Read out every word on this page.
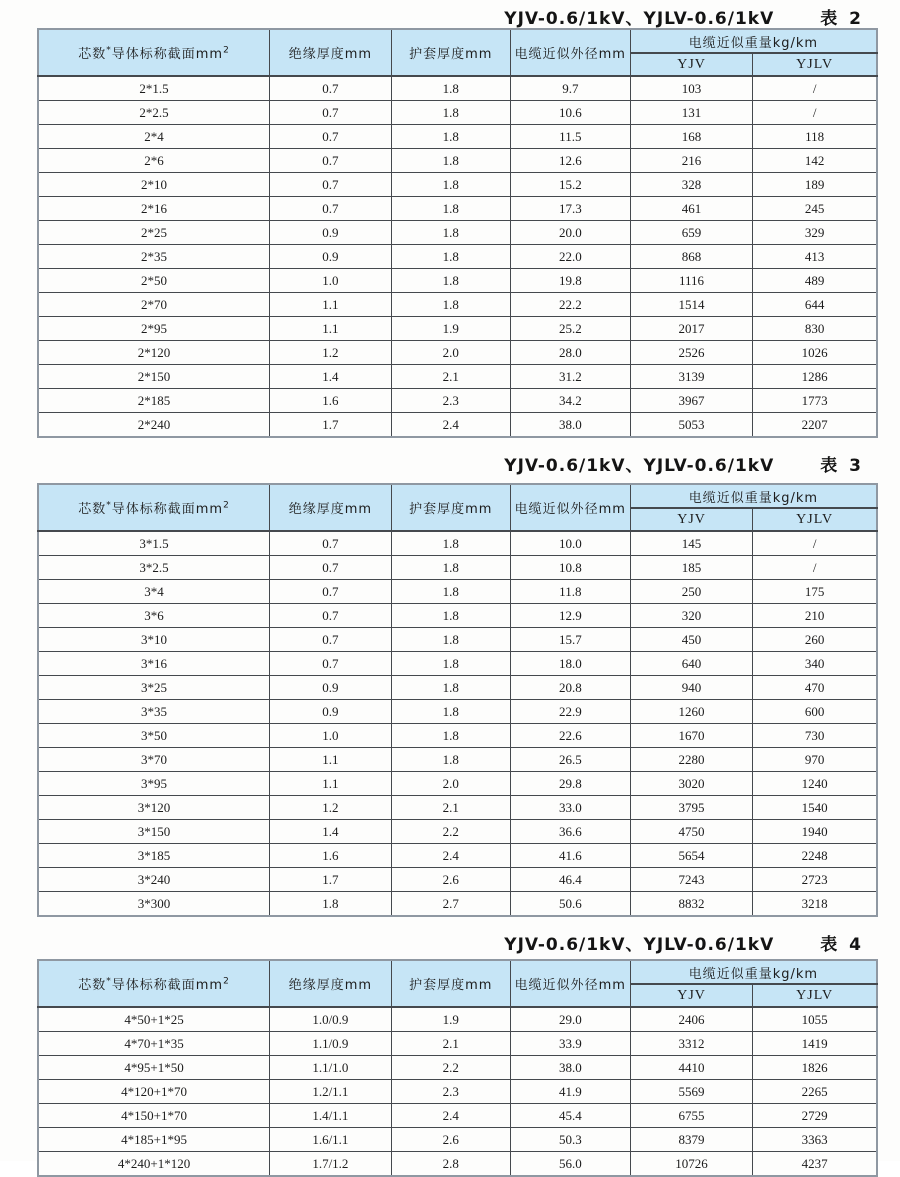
YJV-0.6/1kV、YJLV-0.6/1kV	表 2
芯数*导体标称截面$mm^2$	绝缘厚度mm	护套厚度mm	电缆近似外径mm	电缆近似重量kg/km	
				YJV	YJLV
2*1.5	0.7	1.8	9.7	103	/
2*2.5	0.7	1.8	10.6	131	/
2*4	0.7	1.8	11.5	168	118
2*6	0.7	1.8	12.6	216	142
2*10	0.7	1.8	15.2	328	189
2*16	0.7	1.8	17.3	461	245
2*25	0.9	1.8	20.0	659	329
2*35	0.9	1.8	22.0	868	413
2*50	1.0	1.8	19.8	1116	489
2*70	1.1	1.8	22.2	1514	644
2*95	1.1	1.9	25.2	2017	830
2*120	1.2	2.0	28.0	2526	1026
2*150	1.4	2.1	31.2	3139	1286
2*185	1.6	2.3	34.2	3967	1773
2*240	1.7	2.4	38.0	5053	2207
YJV-0.6/1kV、YJLV-0.6/1kV	表 3
芯数*导体标称截面$mm^2$	绝缘厚度mm	护套厚度mm	电缆近似外径mm	电缆近似重量kg/km	
				YJV	YJLV
3*1.5	0.7	1.8	10.0	145	/
3*2.5	0.7	1.8	10.8	185	/
3*4	0.7	1.8	11.8	250	175
3*6	0.7	1.8	12.9	320	210
3*10	0.7	1.8	15.7	450	260
3*16	0.7	1.8	18.0	640	340
3*25	0.9	1.8	20.8	940	470
3*35	0.9	1.8	22.9	1260	600
3*50	1.0	1.8	22.6	1670	730
3*70	1.1	1.8	26.5	2280	970
3*95	1.1	2.0	29.8	3020	1240
3*120	1.2	2.1	33.0	3795	1540
3*150	1.4	2.2	36.6	4750	1940
3*185	1.6	2.4	41.6	5654	2248
3*240	1.7	2.6	46.4	7243	2723
3*300	1.8	2.7	50.6	8832	3218
YJV-0.6/1kV、YJLV-0.6/1kV	表 4
芯数*导体标称截面$mm^2$	绝缘厚度mm	护套厚度mm	电缆近似外径mm	电缆近似重量kg/km	
				YJV	YJLV
4*50+1*25	1.0/0.9	1.9	29.0	2406	1055
4*70+1*35	1.1/0.9	2.1	33.9	3312	1419
4*95+1*50	1.1/1.0	2.2	38.0	4410	1826
4*120+1*70	1.2/1.1	2.3	41.9	5569	2265
4*150+1*70	1.4/1.1	2.4	45.4	6755	2729
4*185+1*95	1.6/1.1	2.6	50.3	8379	3363
4*240+1*120	1.7/1.2	2.8	56.0	10726	4237
